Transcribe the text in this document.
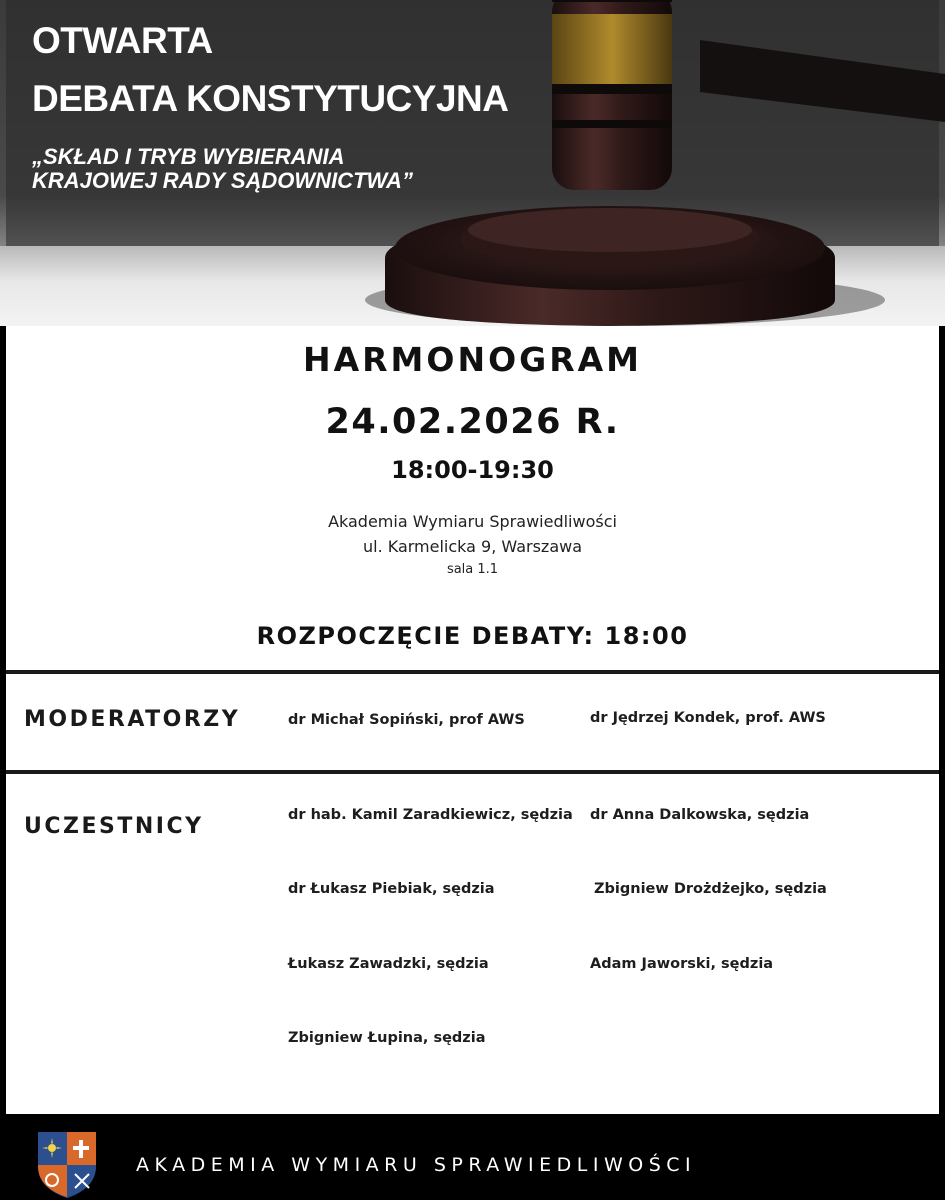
OTWARTA
DEBATA KONSTYTUCYJNA
„SKŁAD I TRYB WYBIERANIA
KRAJOWEJ RADY SĄDOWNICTWA”
HARMONOGRAM
24.02.2026 R.
18:00-19:30
Akademia Wymiaru Sprawiedliwości
ul. Karmelicka 9, Warszawa
sala 1.1
ROZPOCZĘCIE DEBATY: 18:00
MODERATORZY	dr Michał Sopiński, prof AWS	dr Jędrzej Kondek, prof. AWS
UCZESTNICY	dr hab. Kamil Zaradkiewicz, sędzia	dr Anna Dalkowska, sędzia
dr Łukasz Piebiak, sędzia	Zbigniew Drożdżejko, sędzia
Łukasz Zawadzki, sędzia	Adam Jaworski, sędzia
Zbigniew Łupina, sędzia
AKADEMIA WYMIARU SPRAWIEDLIWOŚCI
